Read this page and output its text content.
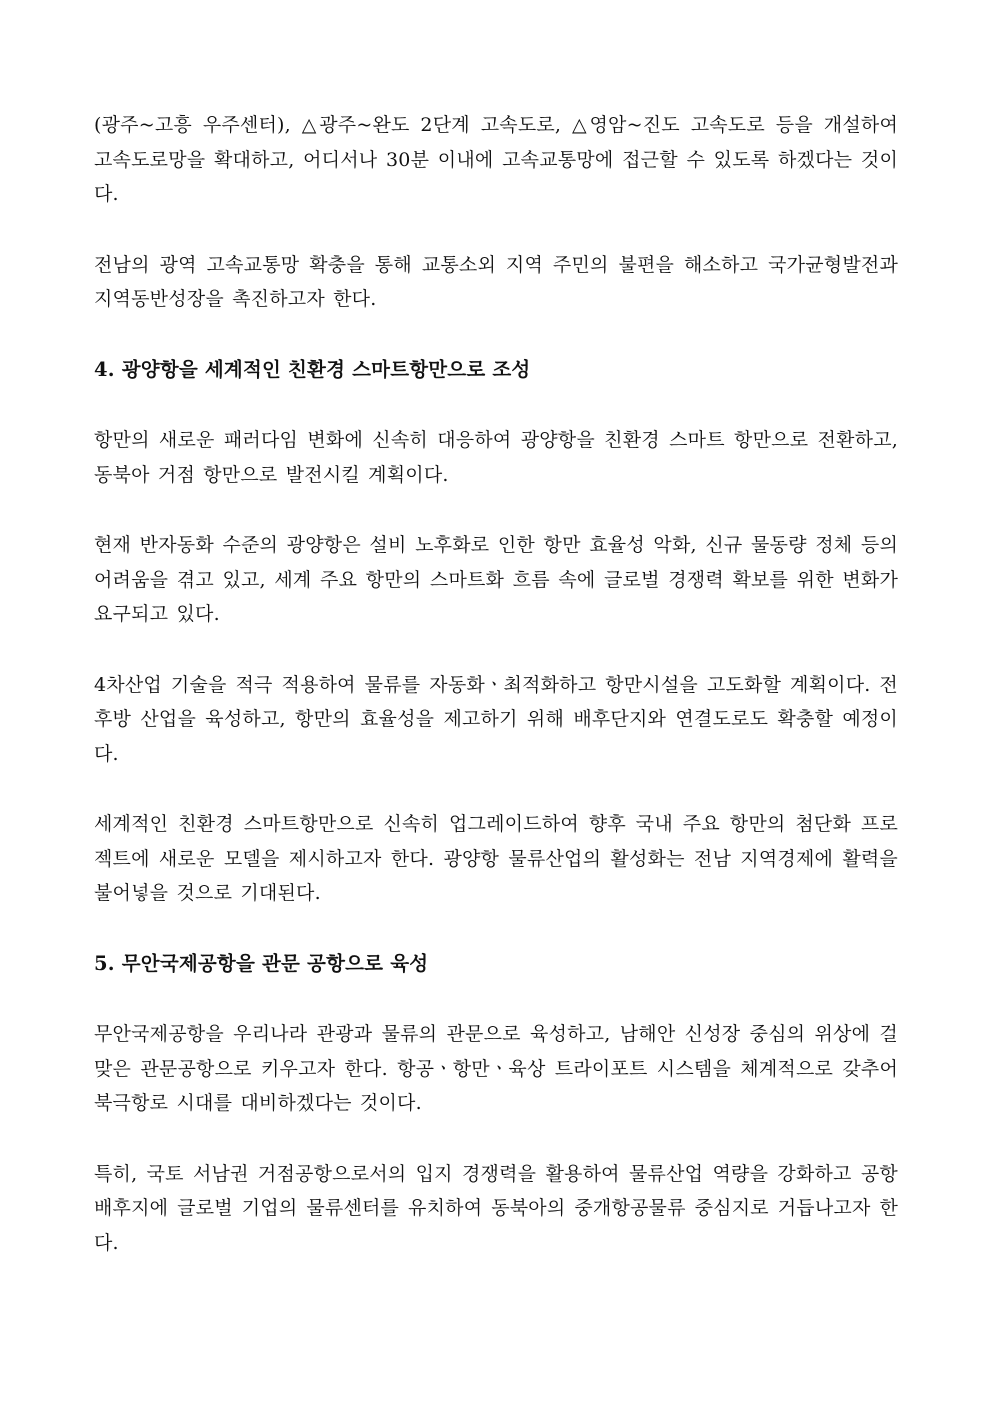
(광주~고흥 우주센터), △광주~완도 2단계 고속도로, △영암~진도 고속도로 등을 개설하여 고속도로망을 확대하고, 어디서나 30분 이내에 고속교통망에 접근할 수 있도록 하겠다는 것이다.

전남의 광역 고속교통망 확충을 통해 교통소외 지역 주민의 불편을 해소하고 국가균형발전과 지역동반성장을 촉진하고자 한다.

4. 광양항을 세계적인 친환경 스마트항만으로 조성

항만의 새로운 패러다임 변화에 신속히 대응하여 광양항을 친환경 스마트 항만으로 전환하고, 동북아 거점 항만으로 발전시킬 계획이다.

현재 반자동화 수준의 광양항은 설비 노후화로 인한 항만 효율성 악화, 신규 물동량 정체 등의 어려움을 겪고 있고, 세계 주요 항만의 스마트화 흐름 속에 글로벌 경쟁력 확보를 위한 변화가 요구되고 있다.

4차산업 기술을 적극 적용하여 물류를 자동화ㆍ최적화하고 항만시설을 고도화할 계획이다. 전후방 산업을 육성하고, 항만의 효율성을 제고하기 위해 배후단지와 연결도로도 확충할 예정이다.

세계적인 친환경 스마트항만으로 신속히 업그레이드하여 향후 국내 주요 항만의 첨단화 프로젝트에 새로운 모델을 제시하고자 한다. 광양항 물류산업의 활성화는 전남 지역경제에 활력을 불어넣을 것으로 기대된다.

5. 무안국제공항을 관문 공항으로 육성

무안국제공항을 우리나라 관광과 물류의 관문으로 육성하고, 남해안 신성장 중심의 위상에 걸맞은 관문공항으로 키우고자 한다. 항공ㆍ항만ㆍ육상 트라이포트 시스템을 체계적으로 갖추어 북극항로 시대를 대비하겠다는 것이다.

특히, 국토 서남권 거점공항으로서의 입지 경쟁력을 활용하여 물류산업 역량을 강화하고 공항 배후지에 글로벌 기업의 물류센터를 유치하여 동북아의 중개항공물류 중심지로 거듭나고자 한다.
